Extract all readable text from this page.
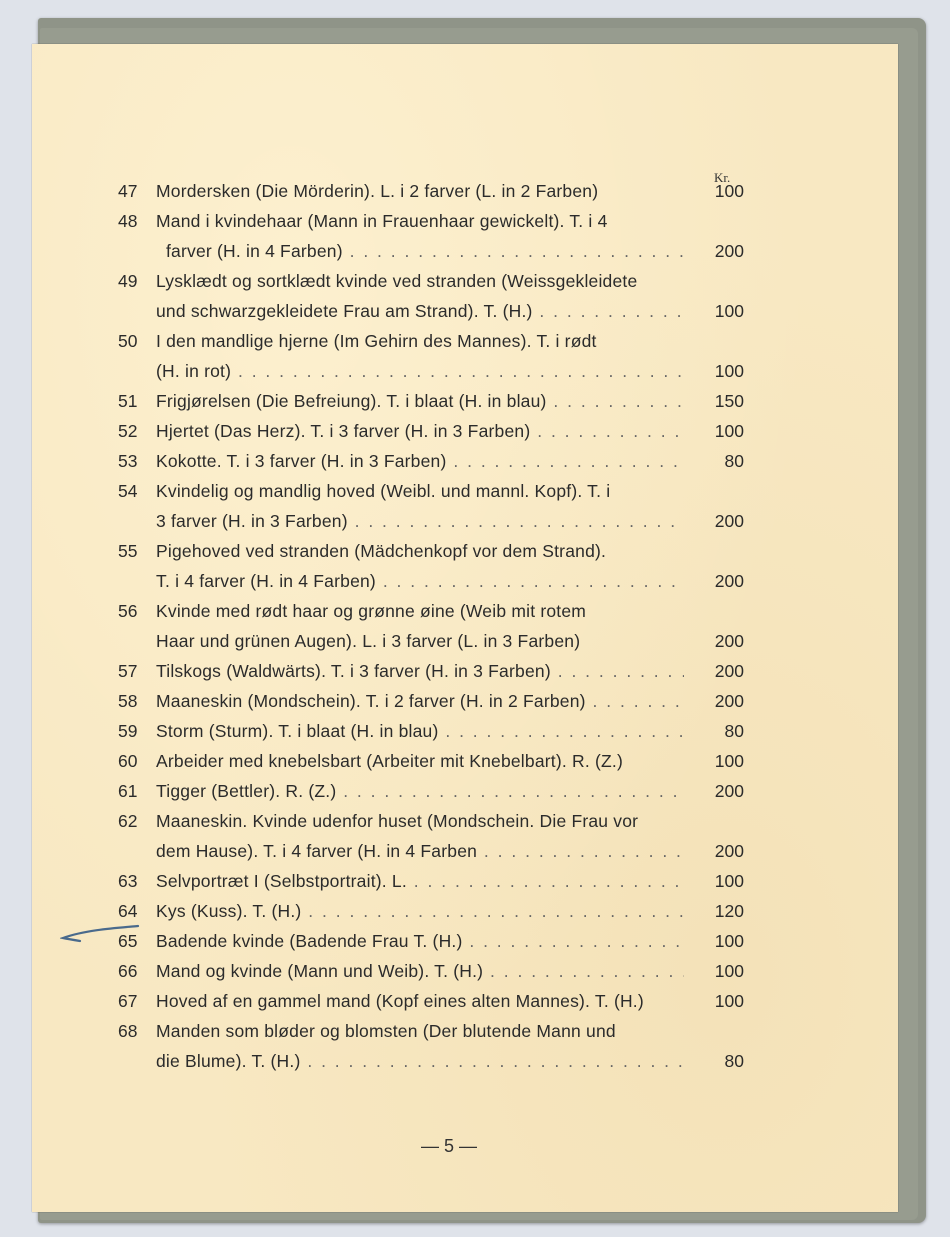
Kr.
47	Mordersken (Die Mörderin). L. i 2 farver (L. in 2 Farben)	100
48	Mand i kvindehaar (Mann in Frauenhaar gewickelt). T. i 4
farver (H. in 4 Farben) . . .	200
49	Lysklædt og sortklædt kvinde ved stranden (Weissgekleidete
und schwarzgekleidete Frau am Strand). T. (H.) . . .	100
50	I den mandlige hjerne (Im Gehirn des Mannes). T. i rødt
(H. in rot) . . .	100
51	Frigjørelsen (Die Befreiung). T. i blaat (H. in blau) . . .	150
52	Hjertet (Das Herz). T. i 3 farver (H. in 3 Farben) . . .	100
53	Kokotte. T. i 3 farver (H. in 3 Farben) . . .	80
54	Kvindelig og mandlig hoved (Weibl. und mannl. Kopf). T. i
3 farver (H. in 3 Farben) . . .	200
55	Pigehoved ved stranden (Mädchenkopf vor dem Strand).
T. i 4 farver (H. in 4 Farben) . . .	200
56	Kvinde med rødt haar og grønne øine (Weib mit rotem
Haar und grünen Augen). L. i 3 farver (L. in 3 Farben)	200
57	Tilskogs (Waldwärts). T. i 3 farver (H. in 3 Farben) . . .	200
58	Maaneskin (Mondschein). T. i 2 farver (H. in 2 Farben) . . .	200
59	Storm (Sturm). T. i blaat (H. in blau) . . .	80
60	Arbeider med knebelsbart (Arbeiter mit Knebelbart). R. (Z.)	100
61	Tigger (Bettler). R. (Z.) . . .	200
62	Maaneskin. Kvinde udenfor huset (Mondschein. Die Frau vor
dem Hause). T. i 4 farver (H. in 4 Farben . . .	200
63	Selvportræt I (Selbstportrait). L. . . .	100
64	Kys (Kuss). T. (H.) . . .	120
65	Badende kvinde (Badende Frau T. (H.) . . .	100
66	Mand og kvinde (Mann und Weib). T. (H.) . . .	100
67	Hoved af en gammel mand (Kopf eines alten Mannes). T. (H.)	100
68	Manden som bløder og blomsten (Der blutende Mann und
die Blume). T. (H.) . . .	80
— 5 —
